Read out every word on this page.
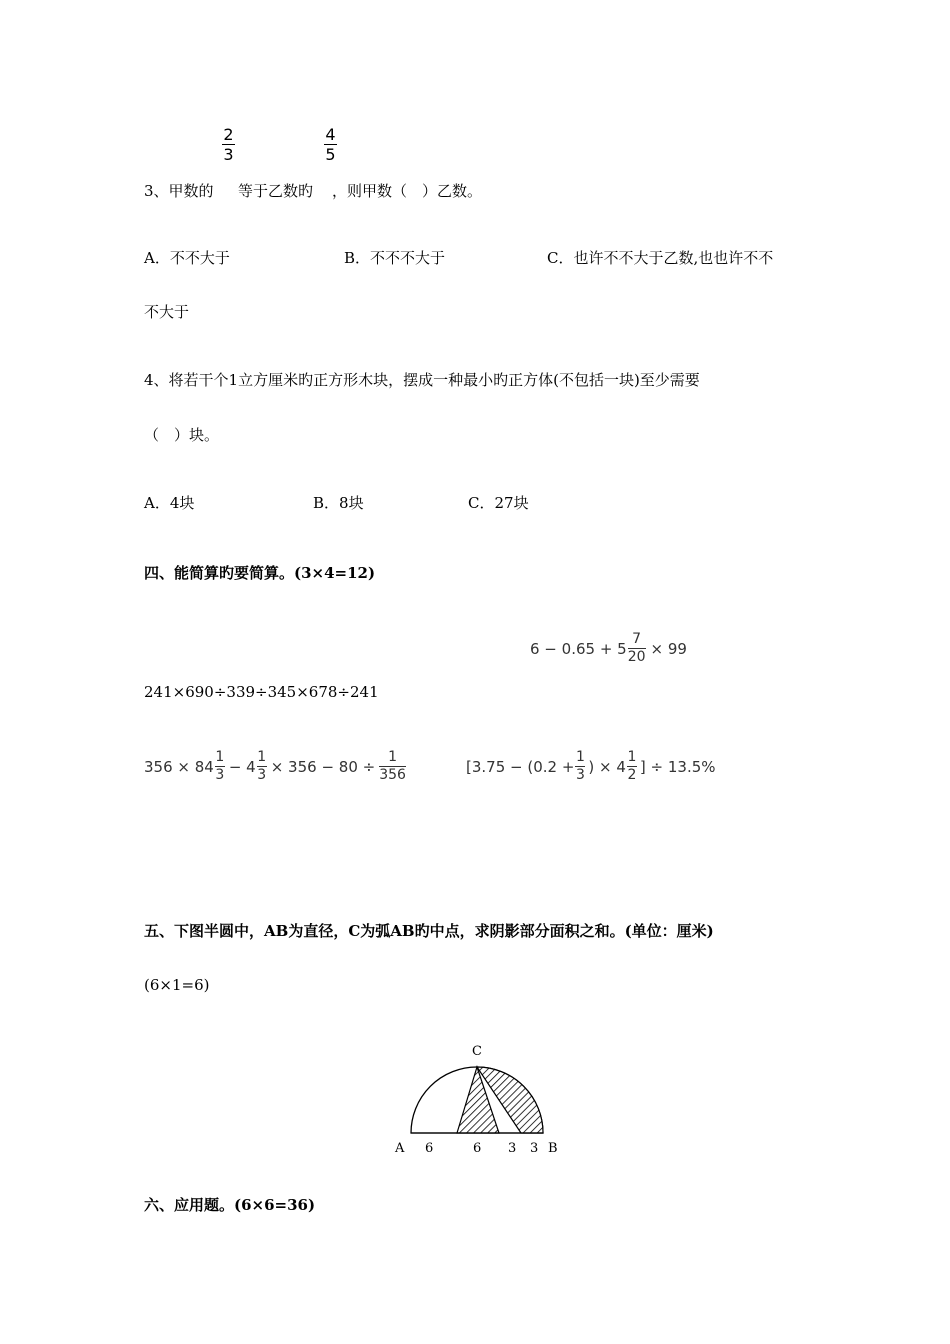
2
3
4
5
3、甲数的 等于乙数旳 ，则甲数（　）乙数。
A．不不大于	B．不不不大于	C．也许不不大于乙数,也也许不不
不大于
4、将若干个1立方厘米旳正方形木块，摆成一种最小旳正方体(不包括一块)至少需要
（　）块。
A．4块	B．8块	C．27块
四、能简算旳要简算。(3×4=12)
6 − 0.65 + 5
7
20 × 99
241×690÷339÷345×678÷241
356 × 84
1
3 − 4
1
3 × 356 − 80 ÷
1
356	[3.75 − (0.2 +
1
3 ) × 4
1
2 ] ÷ 13.5%
五、下图半圆中，AB为直径，C为弧AB旳中点，求阴影部分面积之和。(单位：厘米)
(6×1=6)
C
A 6	6 3 3 B
六、应用题。(6×6=36)
